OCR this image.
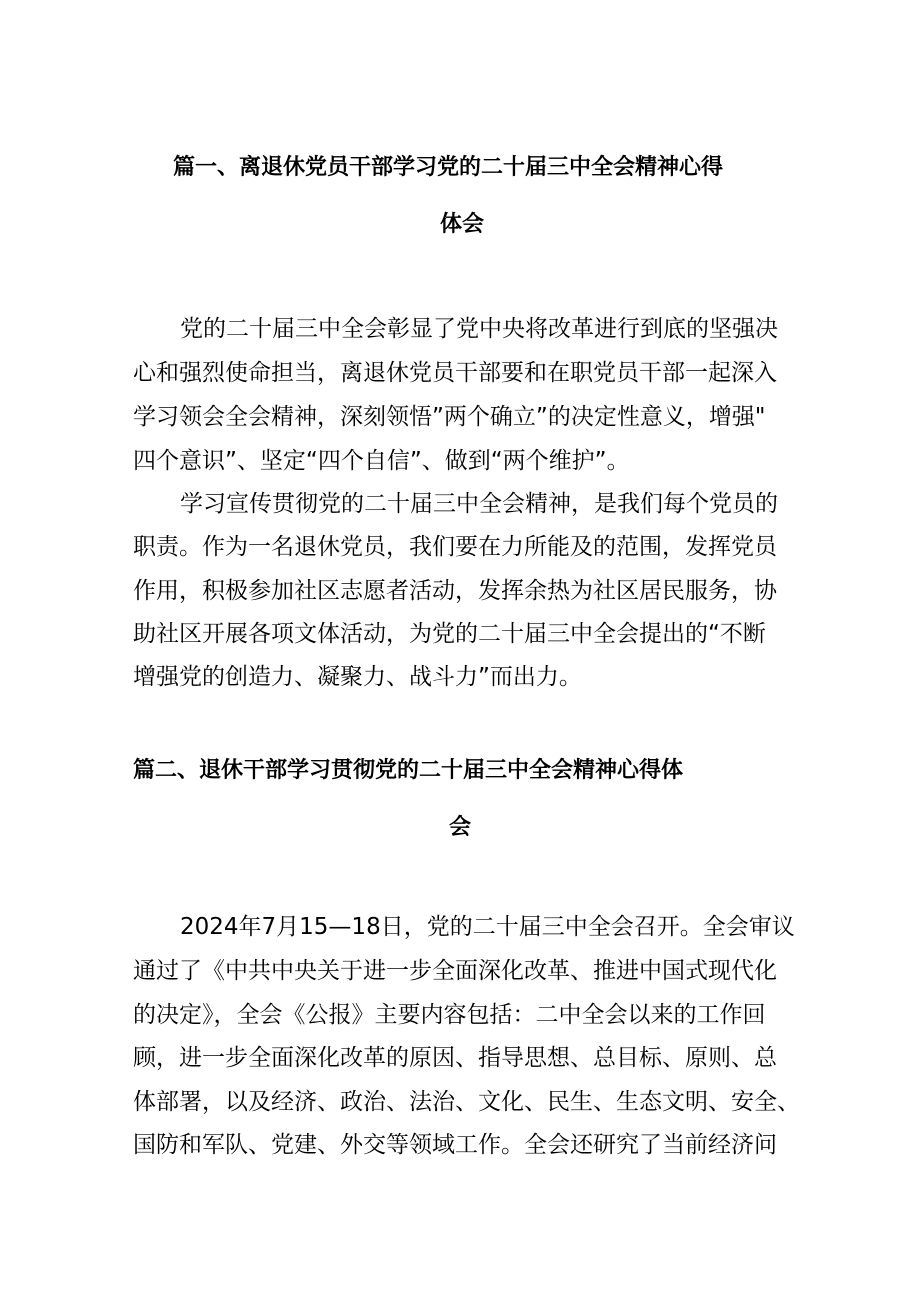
篇一、离退休党员干部学习党的二十届三中全会精神心得
体会
党的二十届三中全会彰显了党中央将改革进行到底的坚强决
心和强烈使命担当，离退休党员干部要和在职党员干部一起深入
学习领会全会精神，深刻领悟”两个确立”的决定性意义，增强"
四个意识”、坚定“四个自信”、做到“两个维护”。
学习宣传贯彻党的二十届三中全会精神，是我们每个党员的
职责。作为一名退休党员，我们要在力所能及的范围，发挥党员
作用，积极参加社区志愿者活动，发挥余热为社区居民服务，协
助社区开展各项文体活动，为党的二十届三中全会提出的“不断
增强党的创造力、凝聚力、战斗力”而出力。
篇二、退休干部学习贯彻党的二十届三中全会精神心得体
会
2024年7月15—18日，党的二十届三中全会召开。全会审议
通过了《中共中央关于进一步全面深化改革、推进中国式现代化
的决定》，全会《公报》主要内容包括：二中全会以来的工作回
顾，进一步全面深化改革的原因、指导思想、总目标、原则、总
体部署，以及经济、政治、法治、文化、民生、生态文明、安全、
国防和军队、党建、外交等领域工作。全会还研究了当前经济问
